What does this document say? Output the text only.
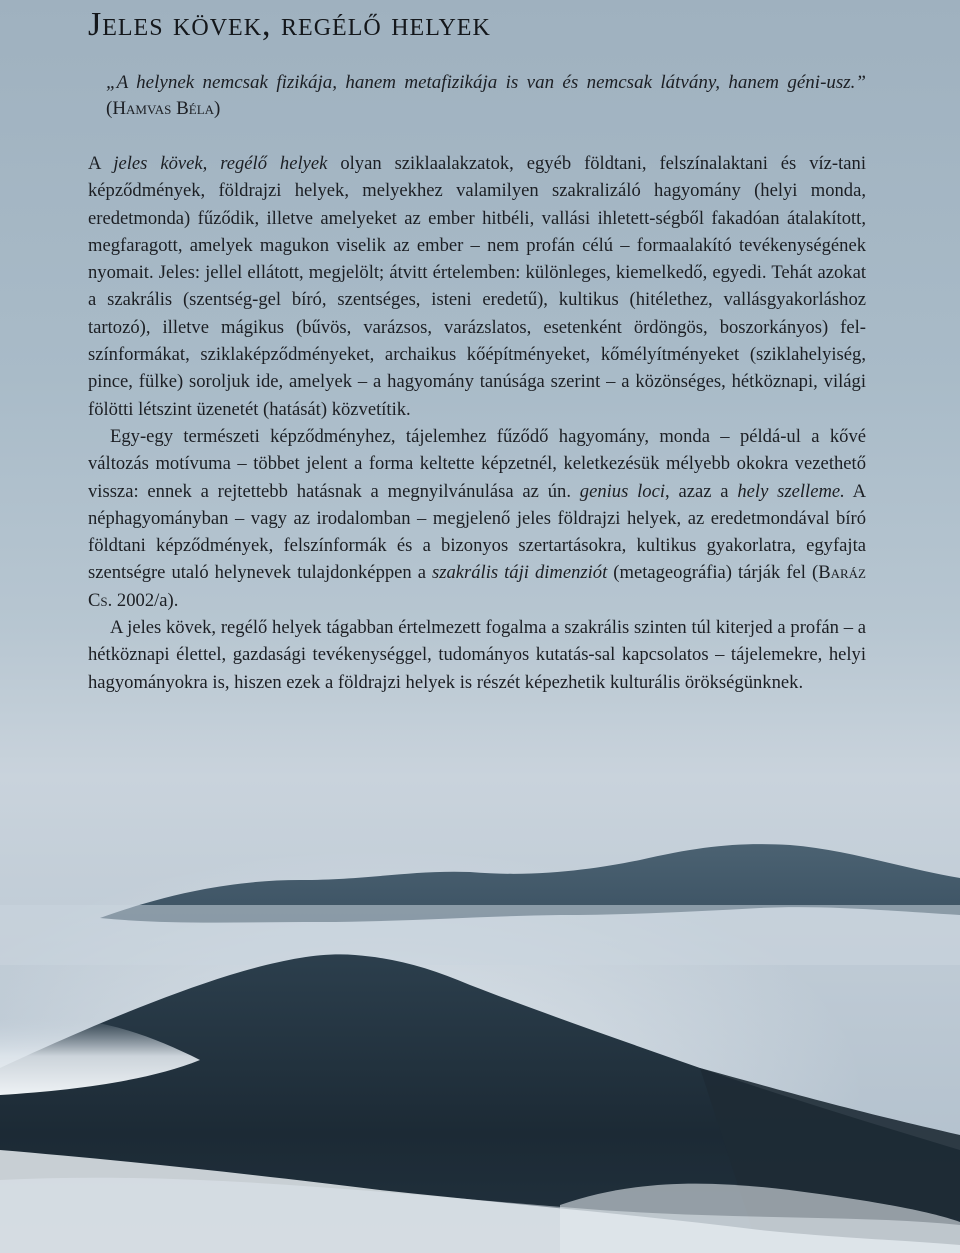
Jeles kövek, regélő helyek
„A helynek nemcsak fizikája, hanem metafizikája is van és nemcsak látvány, hanem géni-usz.” (Hamvas Béla)

A jeles kövek, regélő helyek olyan sziklaalakzatok, egyéb földtani, felszínalaktani és víz-tani képződmények, földrajzi helyek, melyekhez valamilyen szakralizáló hagyomány (helyi monda, eredetmonda) fűződik, illetve amelyeket az ember hitbéli, vallási ihletett-ségből fakadóan átalakított, megfaragott, amelyek magukon viselik az ember – nem profán célú – formaalakító tevékenységének nyomait. Jeles: jellel ellátott, megjelölt; átvitt értelemben: különleges, kiemelkedő, egyedi. Tehát azokat a szakrális (szentség-gel bíró, szentséges, isteni eredetű), kultikus (hitélethez, vallásgyakorláshoz tartozó), illetve mágikus (bűvös, varázsos, varázslatos, esetenként ördöngös, boszorkányos) fel-színformákat, sziklaképződményeket, archaikus kőépítményeket, kőmélyítményeket (sziklahelyiség, pince, fülke) soroljuk ide, amelyek – a hagyomány tanúsága szerint – a közönséges, hétköznapi, világi fölötti létszint üzenetét (hatását) közvetítik.

Egy-egy természeti képződményhez, tájelemhez fűződő hagyomány, monda – példá-ul a kővé változás motívuma – többet jelent a forma keltette képzetnél, keletkezésük mélyebb okokra vezethető vissza: ennek a rejtettebb hatásnak a megnyilvánulása az ún. genius loci, azaz a hely szelleme. A néphagyományban – vagy az irodalomban – megjelenő jeles földrajzi helyek, az eredetmondával bíró földtani képződmények, felszínformák és a bizonyos szertartásokra, kultikus gyakorlatra, egyfajta szentségre utaló helynevek tulajdonképpen a szakrális táji dimenziót (metageográfia) tárják fel (Baráz Cs. 2002/a).

A jeles kövek, regélő helyek tágabban értelmezett fogalma a szakrális szinten túl kiterjed a profán – a hétköznapi élettel, gazdasági tevékenységgel, tudományos kutatás-sal kapcsolatos – tájelemekre, helyi hagyományokra is, hiszen ezek a földrajzi helyek is részét képezhetik kulturális örökségünknek.
